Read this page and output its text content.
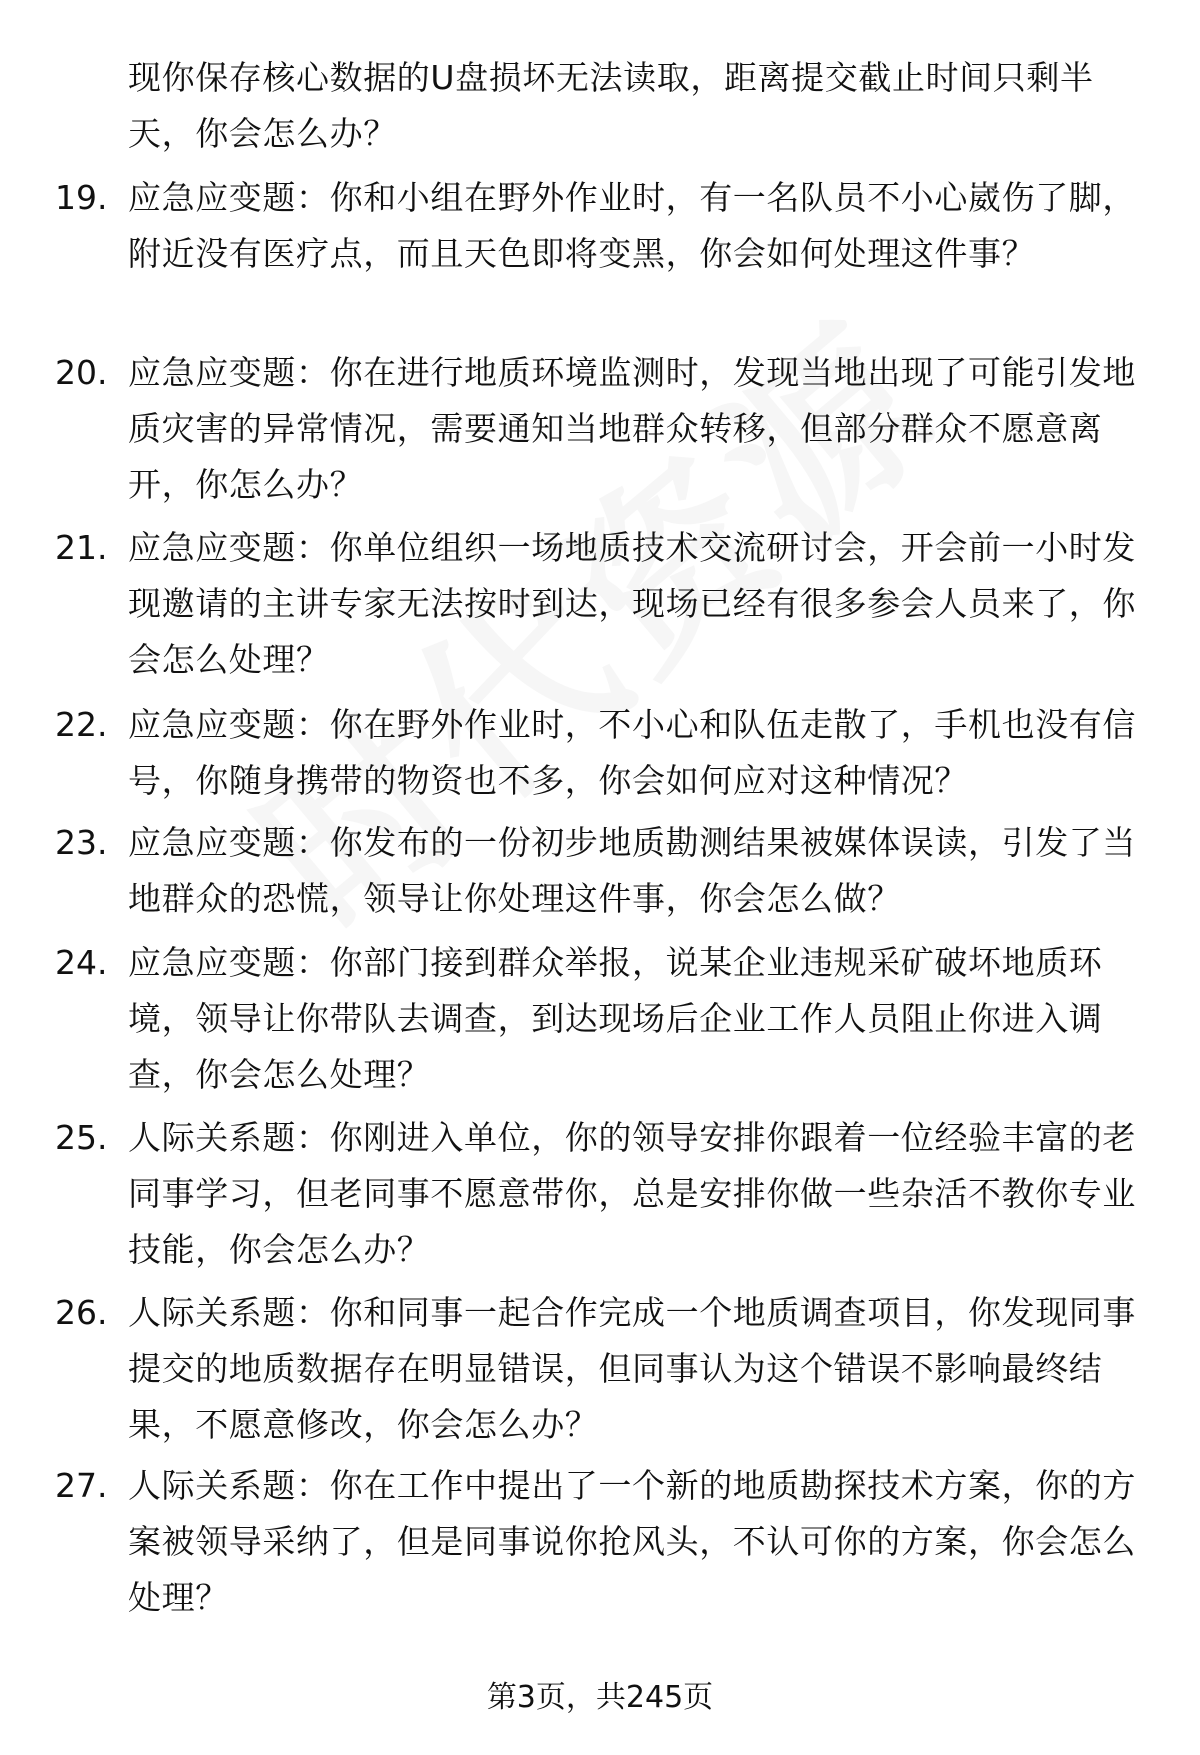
现你保存核心数据的U盘损坏无法读取，距离提交截止时间只剩半天，你会怎么办？
19. 应急应变题：你和小组在野外作业时，有一名队员不小心崴伤了脚，附近没有医疗点，而且天色即将变黑，你会如何处理这件事？
20. 应急应变题：你在进行地质环境监测时，发现当地出现了可能引发地质灾害的异常情况，需要通知当地群众转移，但部分群众不愿意离开，你怎么办？
21. 应急应变题：你单位组织一场地质技术交流研讨会，开会前一小时发现邀请的主讲专家无法按时到达，现场已经有很多参会人员来了，你会怎么处理？
22. 应急应变题：你在野外作业时，不小心和队伍走散了，手机也没有信号，你随身携带的物资也不多，你会如何应对这种情况？
23. 应急应变题：你发布的一份初步地质勘测结果被媒体误读，引发了当地群众的恐慌，领导让你处理这件事，你会怎么做？
24. 应急应变题：你部门接到群众举报，说某企业违规采矿破坏地质环境，领导让你带队去调查，到达现场后企业工作人员阻止你进入调查，你会怎么处理？
25. 人际关系题：你刚进入单位，你的领导安排你跟着一位经验丰富的老同事学习，但老同事不愿意带你，总是安排你做一些杂活不教你专业技能，你会怎么办？
26. 人际关系题：你和同事一起合作完成一个地质调查项目，你发现同事提交的地质数据存在明显错误，但同事认为这个错误不影响最终结果，不愿意修改，你会怎么办？
27. 人际关系题：你在工作中提出了一个新的地质勘探技术方案，你的方案被领导采纳了，但是同事说你抢风头，不认可你的方案，你会怎么处理？
第3页，共245页
